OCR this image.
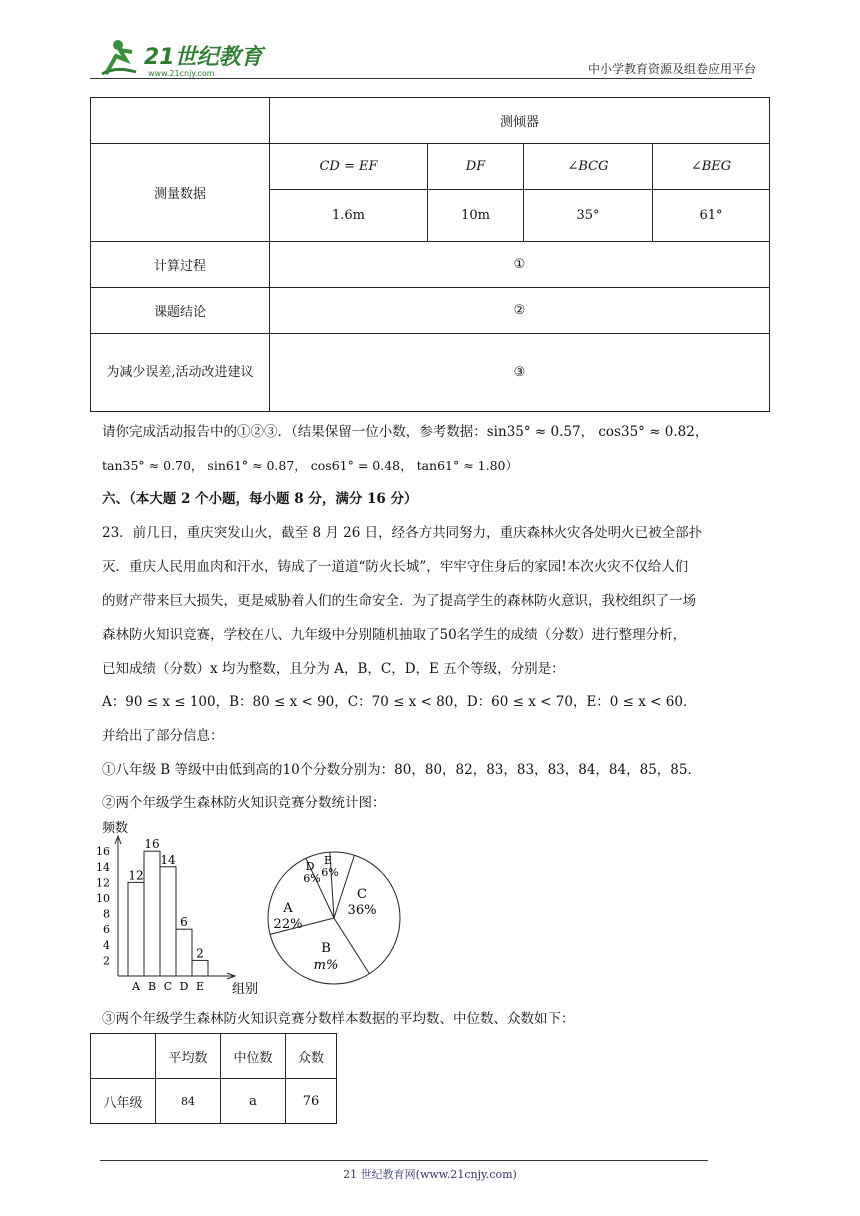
21世纪教育
www.21cnjy.com	中小学教育资源及组卷应用平台
	测倾器			
测量数据	CD = EF	DF	∠BCG	∠BEG
	1.6m	10m	35°	61°
计算过程	①			
课题结论	②			
为减少误差,活动改进建议	③			
请你完成活动报告中的①②③．（结果保留一位小数，参考数据：sin35° ≈ 0.57， cos35° ≈ 0.82，
tan35° ≈ 0.70， sin61° ≈ 0.87， cos61° = 0.48， tan61° ≈ 1.80）
六、（本大题 2 个小题，每小题 8 分，满分 16 分）
23．前几日，重庆突发山火，截至 8 月 26 日，经各方共同努力，重庆森林火灾各处明火已被全部扑
灭．重庆人民用血肉和汗水，铸成了一道道“防火长城”，牢牢守住身后的家园!本次火灾不仅给人们
的财产带来巨大损失，更是威胁着人们的生命安全．为了提高学生的森林防火意识，我校组织了一场
森林防火知识竞赛，学校在八、九年级中分别随机抽取了50名学生的成绩（分数）进行整理分析，
已知成绩（分数）x 均为整数，且分为 A，B，C，D，E 五个等级，分别是：
A：90 ≤ x ≤ 100，B：80 ≤ x < 90，C：70 ≤ x < 80，D：60 ≤ x < 70，E：0 ≤ x < 60．
并给出了部分信息：
①八年级 B 等级中由低到高的10个分数分别为：80，80，82，83，83，83，84，84，85，85．
②两个年级学生森林防火知识竞赛分数统计图：
频数
组别
2
4
6
8
10
12
14
16
12
A
16
B
14
C
6
D
2
E
C
36%
B
m%
A
22%
D
6%
E
6%
③两个年级学生森林防火知识竞赛分数样本数据的平均数、中位数、众数如下：
	平均数	中位数	众数
八年级	84	a	76
21 世纪教育网(www.21cnjy.com)
